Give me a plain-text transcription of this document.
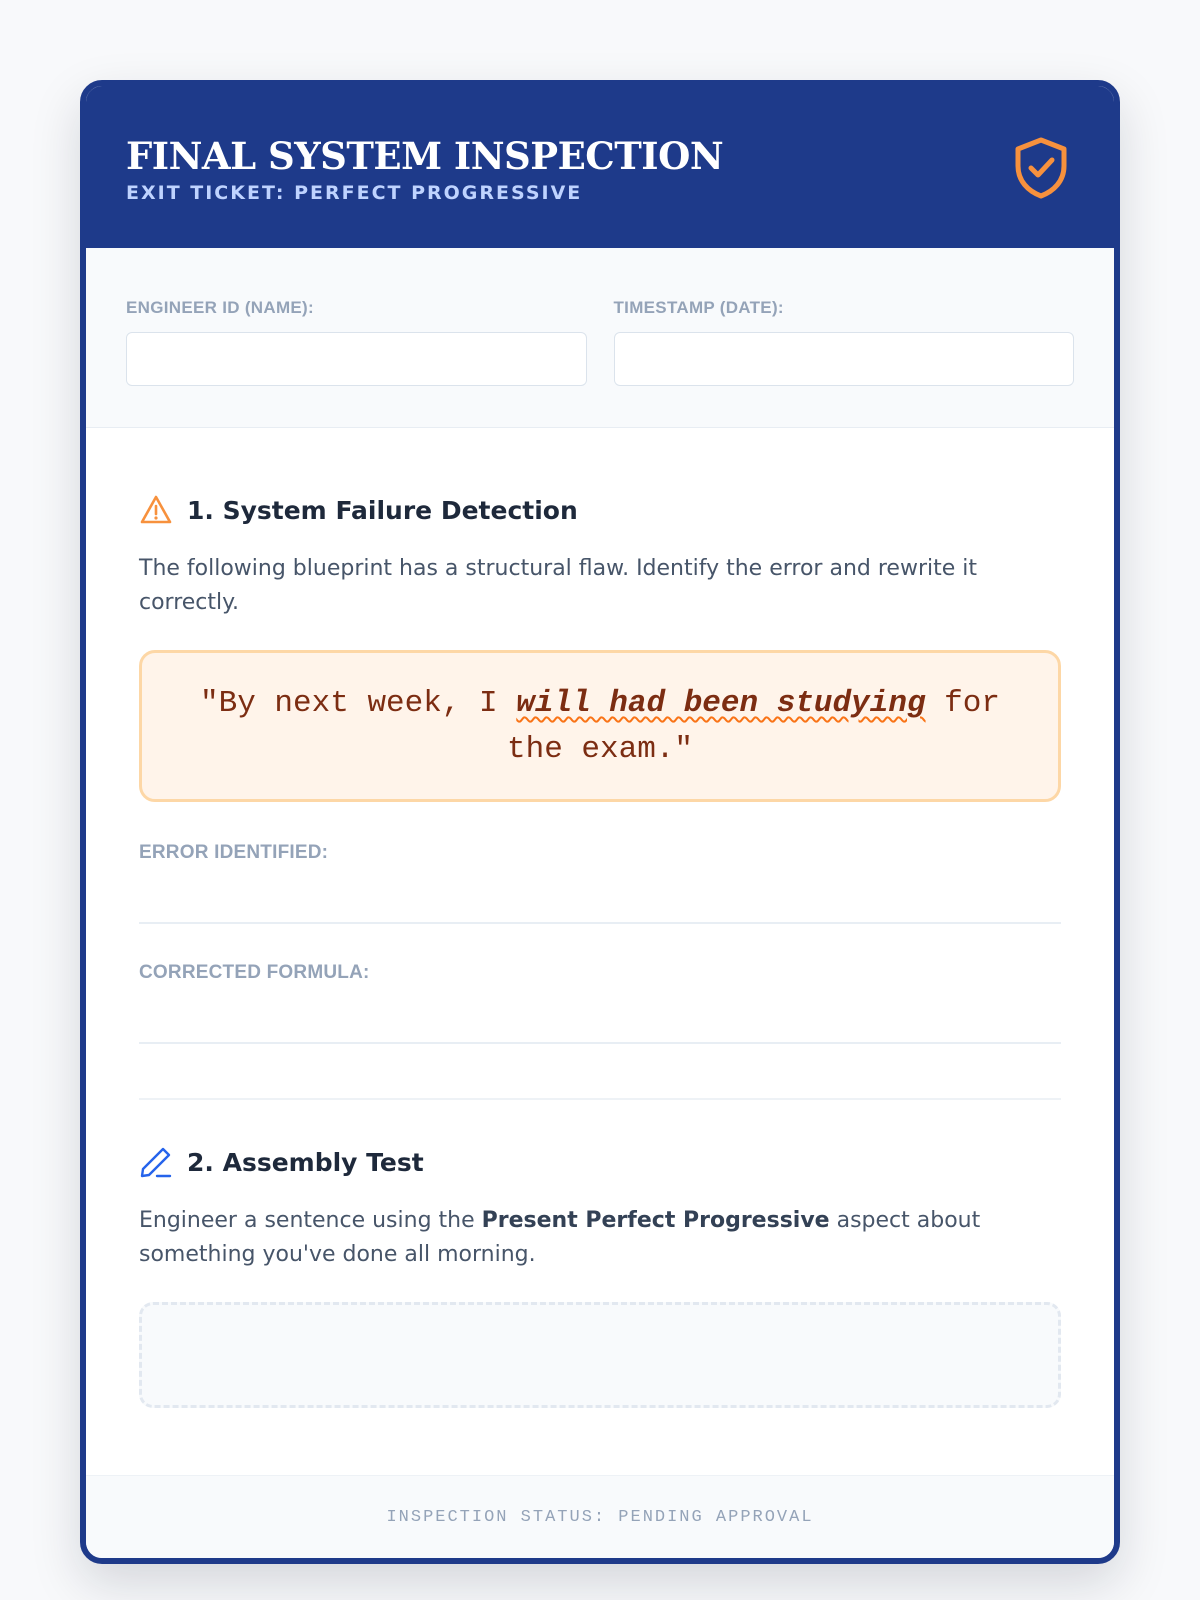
FINAL SYSTEM INSPECTION
EXIT TICKET: PERFECT PROGRESSIVE
ENGINEER ID (NAME):	TIMESTAMP (DATE):
1. System Failure Detection
The following blueprint has a structural flaw. Identify the error and rewrite it correctly.
"By next week, I will had been studying for the exam."
ERROR IDENTIFIED:
CORRECTED FORMULA:
2. Assembly Test
Engineer a sentence using the Present Perfect Progressive aspect about something you've done all morning.
INSPECTION STATUS: PENDING APPROVAL
